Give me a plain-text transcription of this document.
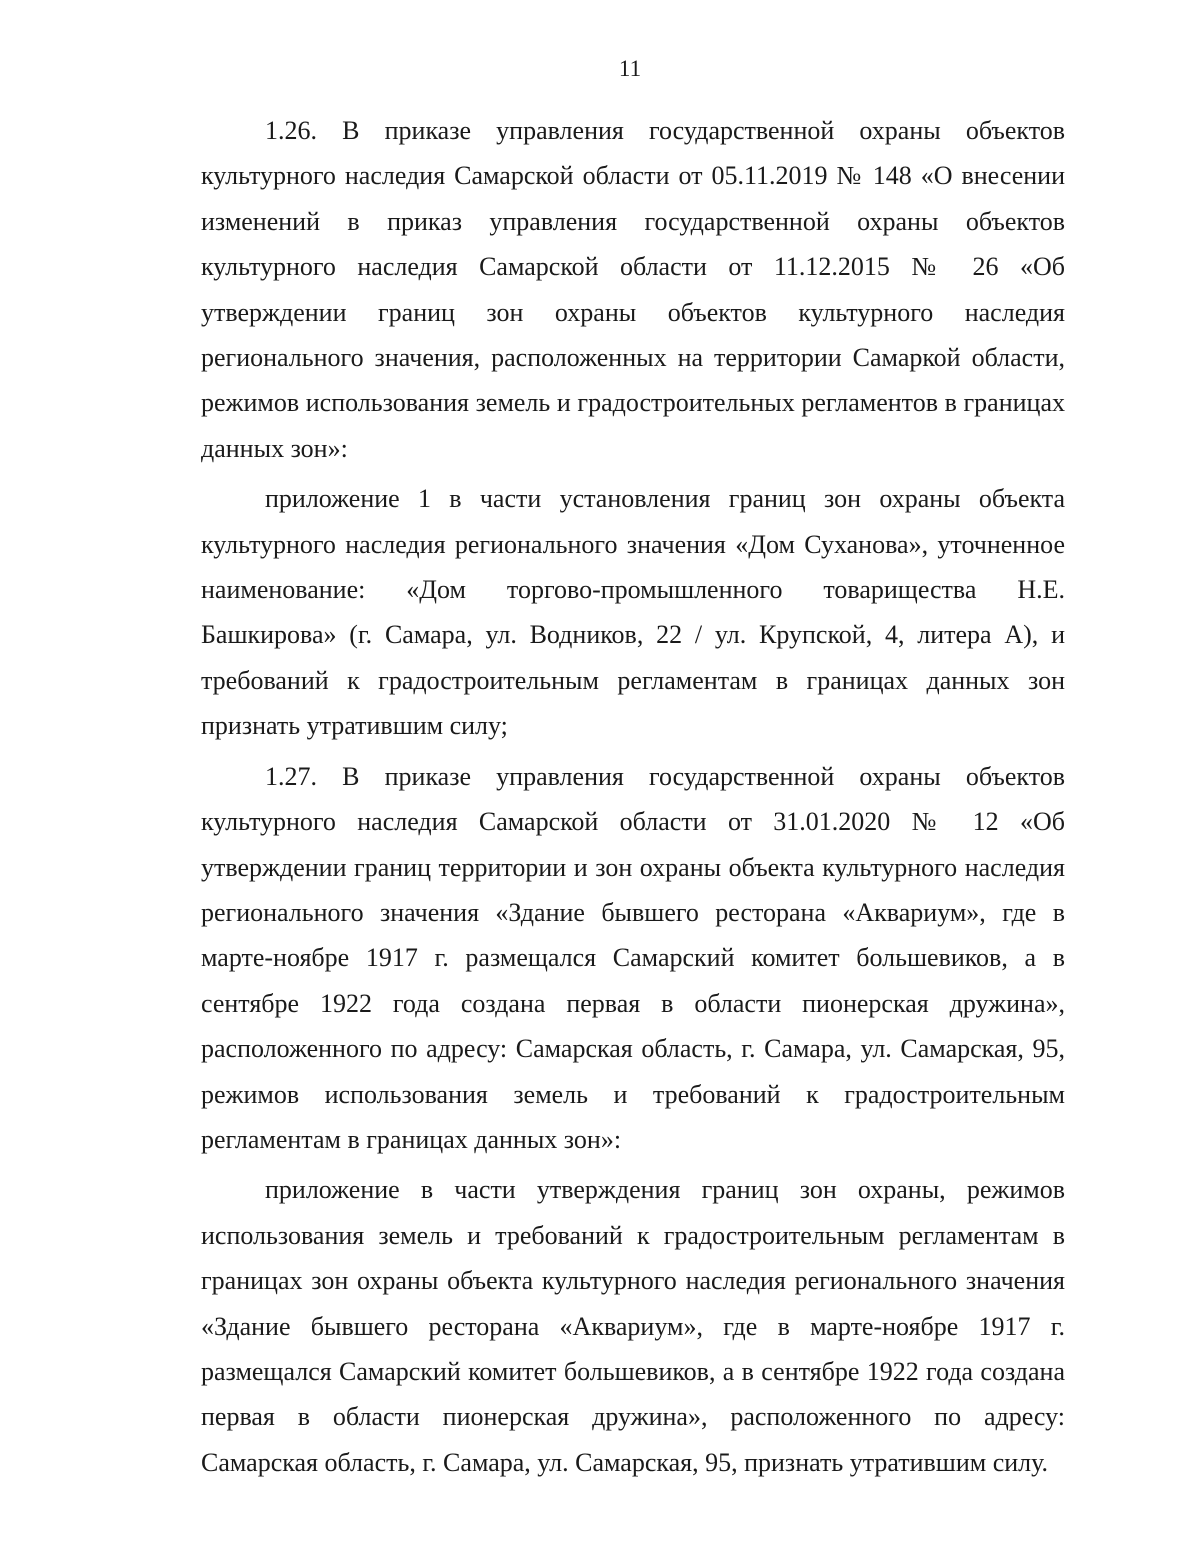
11

1.26. В приказе управления государственной охраны объектов культурного наследия Самарской области от 05.11.2019 № 148 «О внесении изменений в приказ управления государственной охраны объектов культурного наследия Самарской области от 11.12.2015 № 26 «Об утверждении границ зон охраны объектов культурного наследия регионального значения, расположенных на территории Самаркой области, режимов использования земель и градостроительных регламентов в границах данных зон»:

приложение 1 в части установления границ зон охраны объекта культурного наследия регионального значения «Дом Суханова», уточненное наименование: «Дом торгово-промышленного товарищества Н.Е. Башкирова» (г. Самара, ул. Водников, 22 / ул. Крупской, 4, литера А), и требований к градостроительным регламентам в границах данных зон признать утратившим силу;

1.27. В приказе управления государственной охраны объектов культурного наследия Самарской области от 31.01.2020 № 12 «Об утверждении границ территории и зон охраны объекта культурного наследия регионального значения «Здание бывшего ресторана «Аквариум», где в марте-ноябре 1917 г. размещался Самарский комитет большевиков, а в сентябре 1922 года создана первая в области пионерская дружина», расположенного по адресу: Самарская область, г. Самара, ул. Самарская, 95, режимов использования земель и требований к градостроительным регламентам в границах данных зон»:

приложение в части утверждения границ зон охраны, режимов использования земель и требований к градостроительным регламентам в границах зон охраны объекта культурного наследия регионального значения «Здание бывшего ресторана «Аквариум», где в марте-ноябре 1917 г. размещался Самарский комитет большевиков, а в сентябре 1922 года создана первая в области пионерская дружина», расположенного по адресу: Самарская область, г. Самара, ул. Самарская, 95, признать утратившим силу.
